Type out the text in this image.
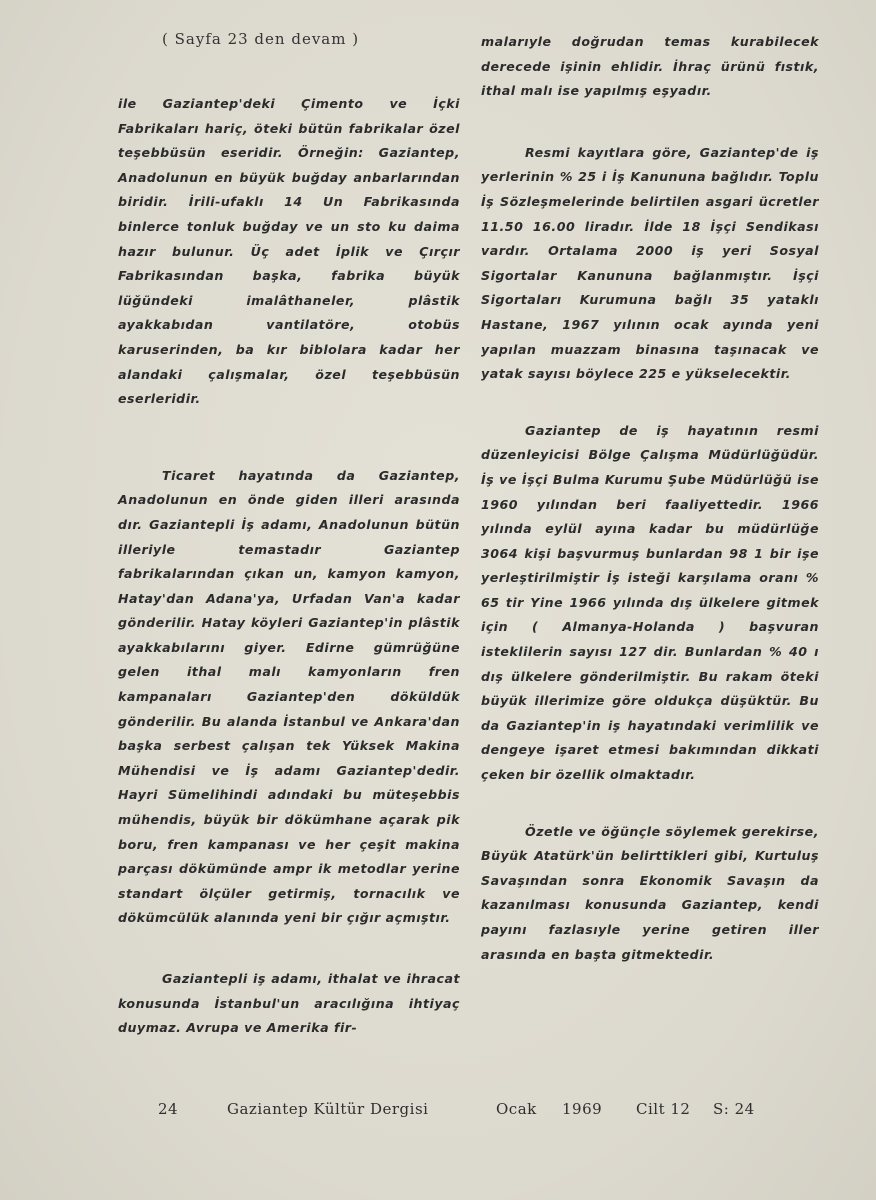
( Sayfa 23 den devam )

ile Gaziantep'deki Çimento ve İçki Fabrikaları hariç, öteki bütün fabrikalar özel teşebbüsün eseridir. Örneğin: Gaziantep, Anadolunun en büyük buğday anbarlarından biridir. İrili-ufaklı 14 Un Fabrikasında binlerce tonluk buğday ve un sto ku daima hazır bulunur. Üç adet İplik ve Çırçır Fabrikasından başka, fabrika büyük lüğündeki imalâthaneler, plâstik ayakkabıdan vantilatöre, otobüs karuserinden, ba kır biblolara kadar her alandaki çalışmalar, özel teşebbüsün eserleridir.

Ticaret hayatında da Gaziantep, Anadolunun en önde giden illeri arasında dır. Gaziantepli İş adamı, Anadolunun bütün illeriyle temastadır Gaziantep fabrikalarından çıkan un, kamyon kamyon, Hatay'dan Adana'ya, Urfadan Van'a kadar gönderilir. Hatay köyleri Gaziantep'in plâstik ayakkabılarını giyer. Edirne gümrüğüne gelen ithal malı kamyonların fren kampanaları Gaziantep'den döküldük gönderilir. Bu alanda İstanbul ve Ankara'dan başka serbest çalışan tek Yüksek Makina Mühendisi ve İş adamı Gaziantep'dedir. Hayri Sümelihindi adındaki bu müteşebbis mühendis, büyük bir dökümhane açarak pik boru, fren kampanası ve her çeşit makina parçası dökümünde ampr ik metodlar yerine standart ölçüler getirmiş, tornacılık ve dökümcülük alanında yeni bir çığır açmıştır.

Gaziantepli iş adamı, ithalat ve ihracat konusunda İstanbul'un aracılığına ihtiyaç duymaz. Avrupa ve Amerika fir-

malarıyle doğrudan temas kurabilecek derecede işinin ehlidir. İhraç ürünü fıstık, ithal malı ise yapılmış eşyadır.

Resmi kayıtlara göre, Gaziantep'de iş yerlerinin % 25 i İş Kanununa bağlıdır. Toplu İş Sözleşmelerinde belirtilen asgari ücretler 11.50 16.00 liradır. İlde 18 İşçi Sendikası vardır. Ortalama 2000 iş yeri Sosyal Sigortalar Kanununa bağlanmıştır. İşçi Sigortaları Kurumuna bağlı 35 yataklı Hastane, 1967 yılının ocak ayında yeni yapılan muazzam binasına taşınacak ve yatak sayısı böylece 225 e yükselecektir.

Gaziantep de iş hayatının resmi düzenleyicisi Bölge Çalışma Müdürlüğüdür. İş ve İşçi Bulma Kurumu Şube Müdürlüğü ise 1960 yılından beri faaliyettedir. 1966 yılında eylül ayına kadar bu müdürlüğe 3064 kişi başvurmuş bunlardan 98 1 bir işe yerleştirilmiştir İş isteği karşılama oranı % 65 tir Yine 1966 yılında dış ülkelere gitmek için ( Almanya-Holanda ) başvuran isteklilerin sayısı 127 dir. Bunlardan % 40 ı dış ülkelere gönderilmiştir. Bu rakam öteki büyük illerimize göre oldukça düşüktür. Bu da Gaziantep'in iş hayatındaki verimlilik ve dengeye işaret etmesi bakımından dikkati çeken bir özellik olmaktadır.

Özetle ve öğünçle söylemek gerekirse, Büyük Atatürk'ün belirttikleri gibi, Kurtuluş Savaşından sonra Ekonomik Savaşın da kazanılması konusunda Gaziantep, kendi payını fazlasıyle yerine getiren iller arasında en başta gitmektedir.

24	Gaziantep Kültür Dergisi	Ocak 1969 Cilt 12 S: 24
